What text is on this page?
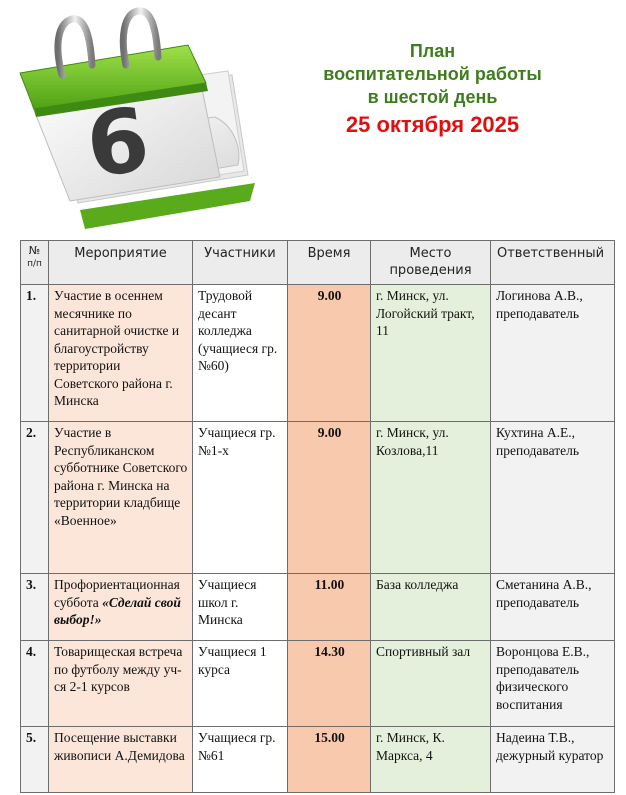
6
План
воспитательной работы
в шестой день
25 октября 2025
№
п/п	Мероприятие	Участники	Время	Место проведения	Ответственный
1.	Участие в осеннем месячнике по санитарной очистке и благоустройству территории Советского района г. Минска	Трудовой десант колледжа (учащиеся гр. №60)	9.00	г. Минск, ул. Логойский тракт, 11	Логинова А.В., преподаватель
2.	Участие в Республиканском субботнике Советского района г. Минска на территории кладбище «Военное»	Учащиеся гр. №1-х	9.00	г. Минск, ул. Козлова,11	Кухтина А.Е., преподаватель
3.	Профориентационная суббота «Сделай свой выбор!»	Учащиеся школ г. Минска	11.00	База колледжа	Сметанина А.В., преподаватель
4.	Товарищеская встреча по футболу между уч-ся 2-1 курсов	Учащиеся 1 курса	14.30	Спортивный зал	Воронцова Е.В., преподаватель физического воспитания
5.	Посещение выставки живописи А.Демидова	Учащиеся гр. №61	15.00	г. Минск, К. Маркса, 4	Надеина Т.В., дежурный куратор
